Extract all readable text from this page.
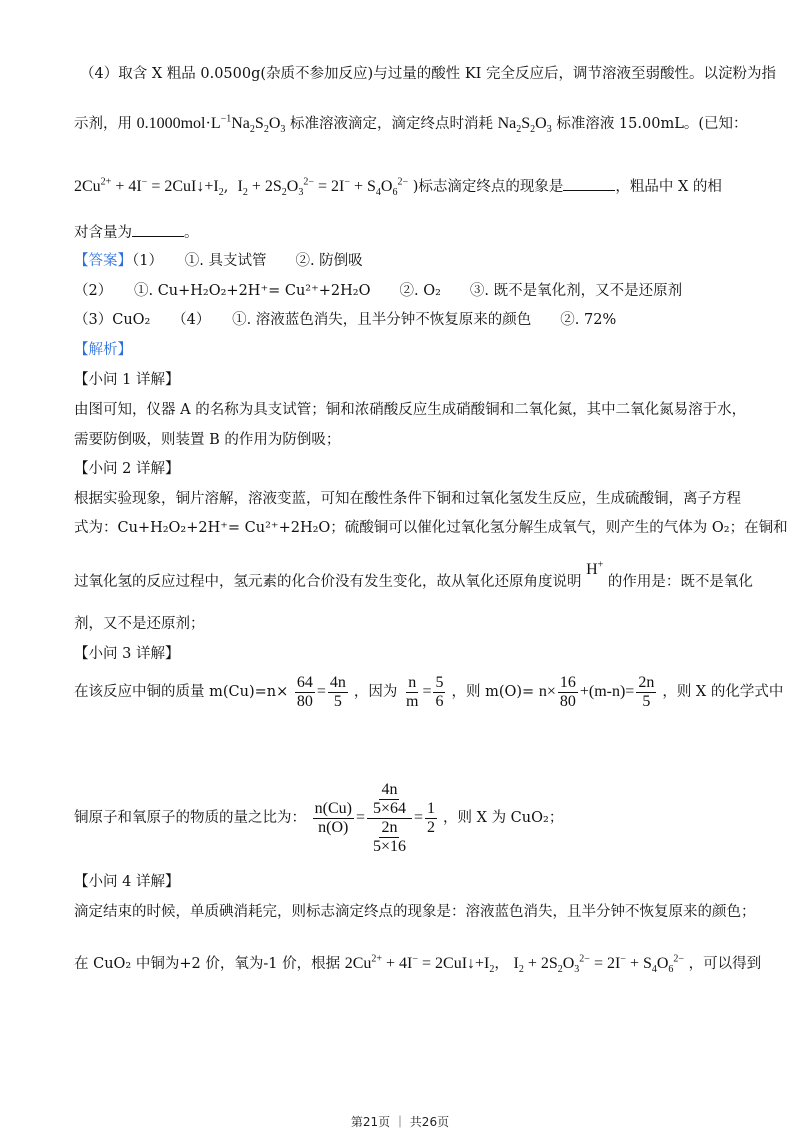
（4）取含 X 粗品 0.0500g(杂质不参加反应)与过量的酸性 KI 完全反应后，调节溶液至弱酸性。以淀粉为指
示剂，用 $0.1000mol\cdot L^{-1}Na_2S_2O_3$ 标准溶液滴定，滴定终点时消耗 $Na_2S_2O_3$ 标准溶液 15.00mL。(已知：
$2Cu^{2+} + 4I^-$ = $2CuI↓+I_2$,  $I_2 + 2S_2O_3^{2-} = 2I^- + S_4O_6^{2-}$ )标志滴定终点的现象是	，粗品中 X 的相
对含量为	。
【答案】（1）　　①. 具支试管　　②. 防倒吸
（2）　　①. Cu+H₂O₂+2H⁺= Cu²⁺+2H₂O　　②. O₂　　③. 既不是氧化剂，又不是还原剂
（3）CuO₂　　（4）　　①. 溶液蓝色消失，且半分钟不恢复原来的颜色　　②. 72%
【解析】
【小问 1 详解】
由图可知，仪器 A 的名称为具支试管；铜和浓硝酸反应生成硝酸铜和二氧化氮，其中二氧化氮易溶于水，
需要防倒吸，则装置 B 的作用为防倒吸；
【小问 2 详解】
根据实验现象，铜片溶解，溶液变蓝，可知在酸性条件下铜和过氧化氢发生反应，生成硫酸铜，离子方程
式为：Cu+H₂O₂+2H⁺= Cu²⁺+2H₂O；硫酸铜可以催化过氧化氢分解生成氧气，则产生的气体为 O₂；在铜和
过氧化氢的反应过程中，氢元素的化合价没有发生变化，故从氧化还原角度说明 H+ 的作用是：既不是氧化
剂，又不是还原剂；
【小问 3 详解】
在该反应中铜的质量 $m(Cu)=n\times \frac{64}{80} = \frac{4n}{5}$ ，因为 $\frac{n}{m} = \frac{5}{6}$ ，则 $m(O)= n\times \frac{16}{80} +(m-n)= \frac{2n}{5}$ ，则 X 的化学式中
铜原子和氧原子的物质的量之比为： $\frac{n(Cu)}{n(O)} = \frac{\frac{4n}{5\times 64}}{\frac{2n}{5\times 16}} = \frac{1}{2}$ ，则 X 为 CuO₂；
【小问 4 详解】
滴定结束的时候，单质碘消耗完，则标志滴定终点的现象是：溶液蓝色消失，且半分钟不恢复原来的颜色；
在 CuO₂ 中铜为+2 价，氧为-1 价，根据 $2Cu^{2+} + 4I^-$ = $2CuI↓+I_2$， $I_2 + 2S_2O_3^{2-} = 2I^- + S_4O_6^{2-}$ ，可以得到
第21页 ｜ 共26页
